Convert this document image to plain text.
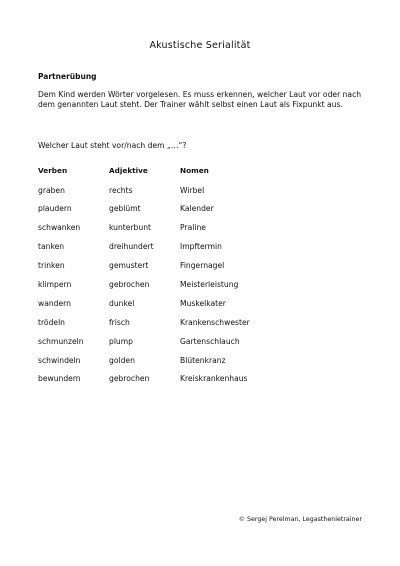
Akustische Serialität
Partnerübung
Dem Kind werden Wörter vorgelesen. Es muss erkennen, welcher Laut vor oder nach dem genannten Laut steht. Der Trainer wählt selbst einen Laut als Fixpunkt aus.
Welcher Laut steht vor/nach dem „…“?
Verben	Adjektive	Nomen
graben	rechts	Wirbel
plaudern	geblümt	Kalender
schwanken	kunterbunt	Praline
tanken	dreihundert	Impftermin
trinken	gemustert	Fingernagel
klimpern	gebrochen	Meisterleistung
wandern	dunkel	Muskelkater
trödeln	frisch	Krankenschwester
schmunzeln	plump	Gartenschlauch
schwindeln	golden	Blütenkranz
bewundern	gebrochen	Kreiskrankenhaus
© Sergej Perelman, Legasthenietrainer
